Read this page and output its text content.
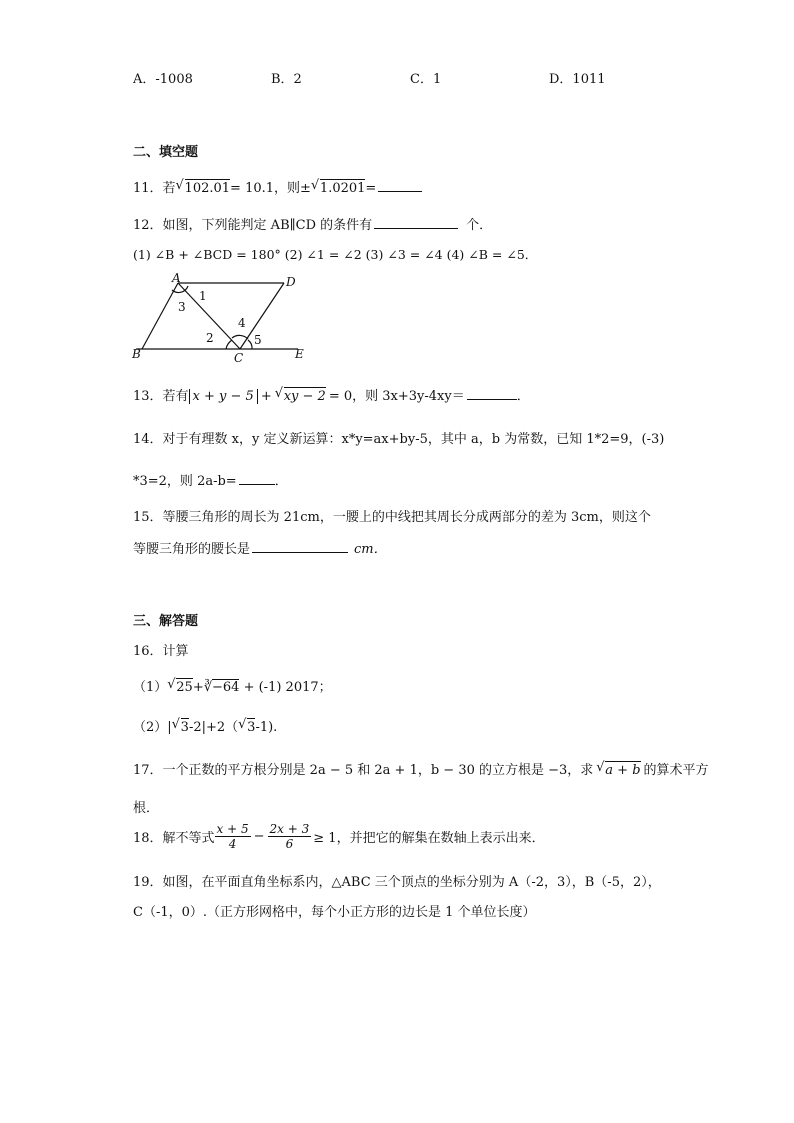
A．-1008	B．2	C．1	D．1011
二、填空题
11．若 √ 102.01= 10.1，则± √ 1.0201=
12．如图，下列能判定 AB∥CD 的条件有	个．
(1) ∠B + ∠BCD = 180° (2) ∠1 = ∠2 (3) ∠3 = ∠4 (4) ∠B = ∠5．
A	D
B	C	E
1
3
2
4
5
13．若有 x + y − 5 + √ xy − 2 = 0，则 3x+3y-4xy＝	．
14．对于有理数 x，y 定义新运算：x*y=ax+by-5，其中 a，b 为常数，已知 1*2=9，(-3)
*3=2，则 2a-b=	．
15．等腰三角形的周长为 21cm，一腰上的中线把其周长分成两部分的差为 3cm，则这个
等腰三角形的腰长是	cm．
三、解答题
16．计算
（1） √ 25+∛−64 + (-1) 2017；
（2）| √ 3-2|+2（ √ 3-1).
17．一个正数的平方根分别是 2a − 5 和 2a + 1，b − 30 的立方根是 −3，求 √ a + b 的算术平方
根．
18．解不等式 $\frac{x + 5}{4} - \frac{2x + 3}{6} \ge 1$，并把它的解集在数轴上表示出来．
19．如图，在平面直角坐标系内，△ABC 三个顶点的坐标分别为 A（-2，3），B（-5，2），
C（-1，0）.（正方形网格中，每个小正方形的边长是 1 个单位长度）
